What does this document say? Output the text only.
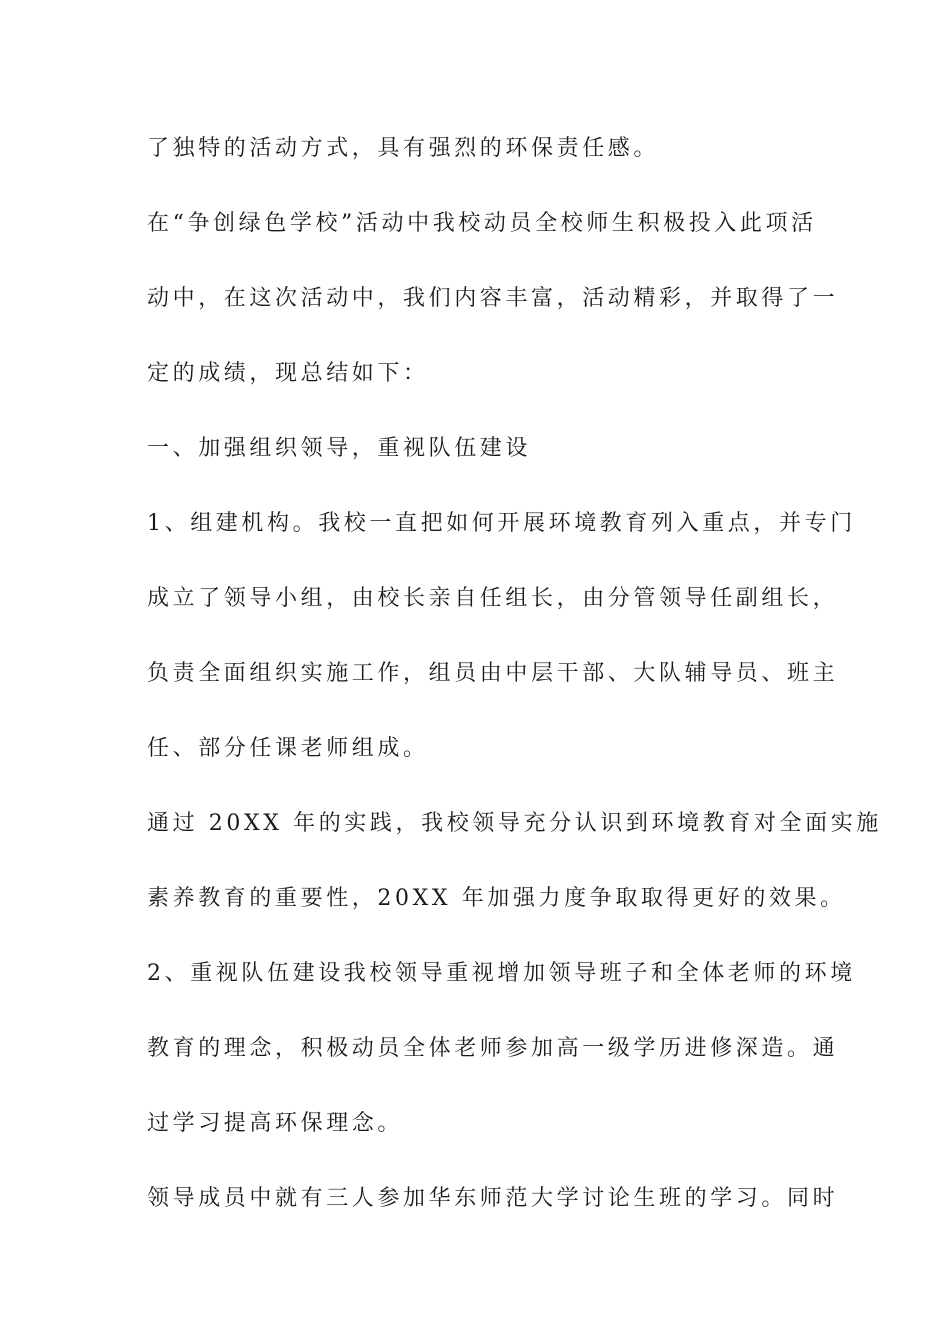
了独特的活动方式，具有强烈的环保责任感。
在“争创绿色学校”活动中我校动员全校师生积极投入此项活
动中，在这次活动中，我们内容丰富，活动精彩，并取得了一
定的成绩，现总结如下：
一、加强组织领导，重视队伍建设
1、组建机构。我校一直把如何开展环境教育列入重点，并专门
成立了领导小组，由校长亲自任组长，由分管领导任副组长，
负责全面组织实施工作，组员由中层干部、大队辅导员、班主
任、部分任课老师组成。
通过 20XX 年的实践，我校领导充分认识到环境教育对全面实施
素养教育的重要性，20XX 年加强力度争取取得更好的效果。
2、重视队伍建设我校领导重视增加领导班子和全体老师的环境
教育的理念，积极动员全体老师参加高一级学历进修深造。通
过学习提高环保理念。
领导成员中就有三人参加华东师范大学讨论生班的学习。同时
